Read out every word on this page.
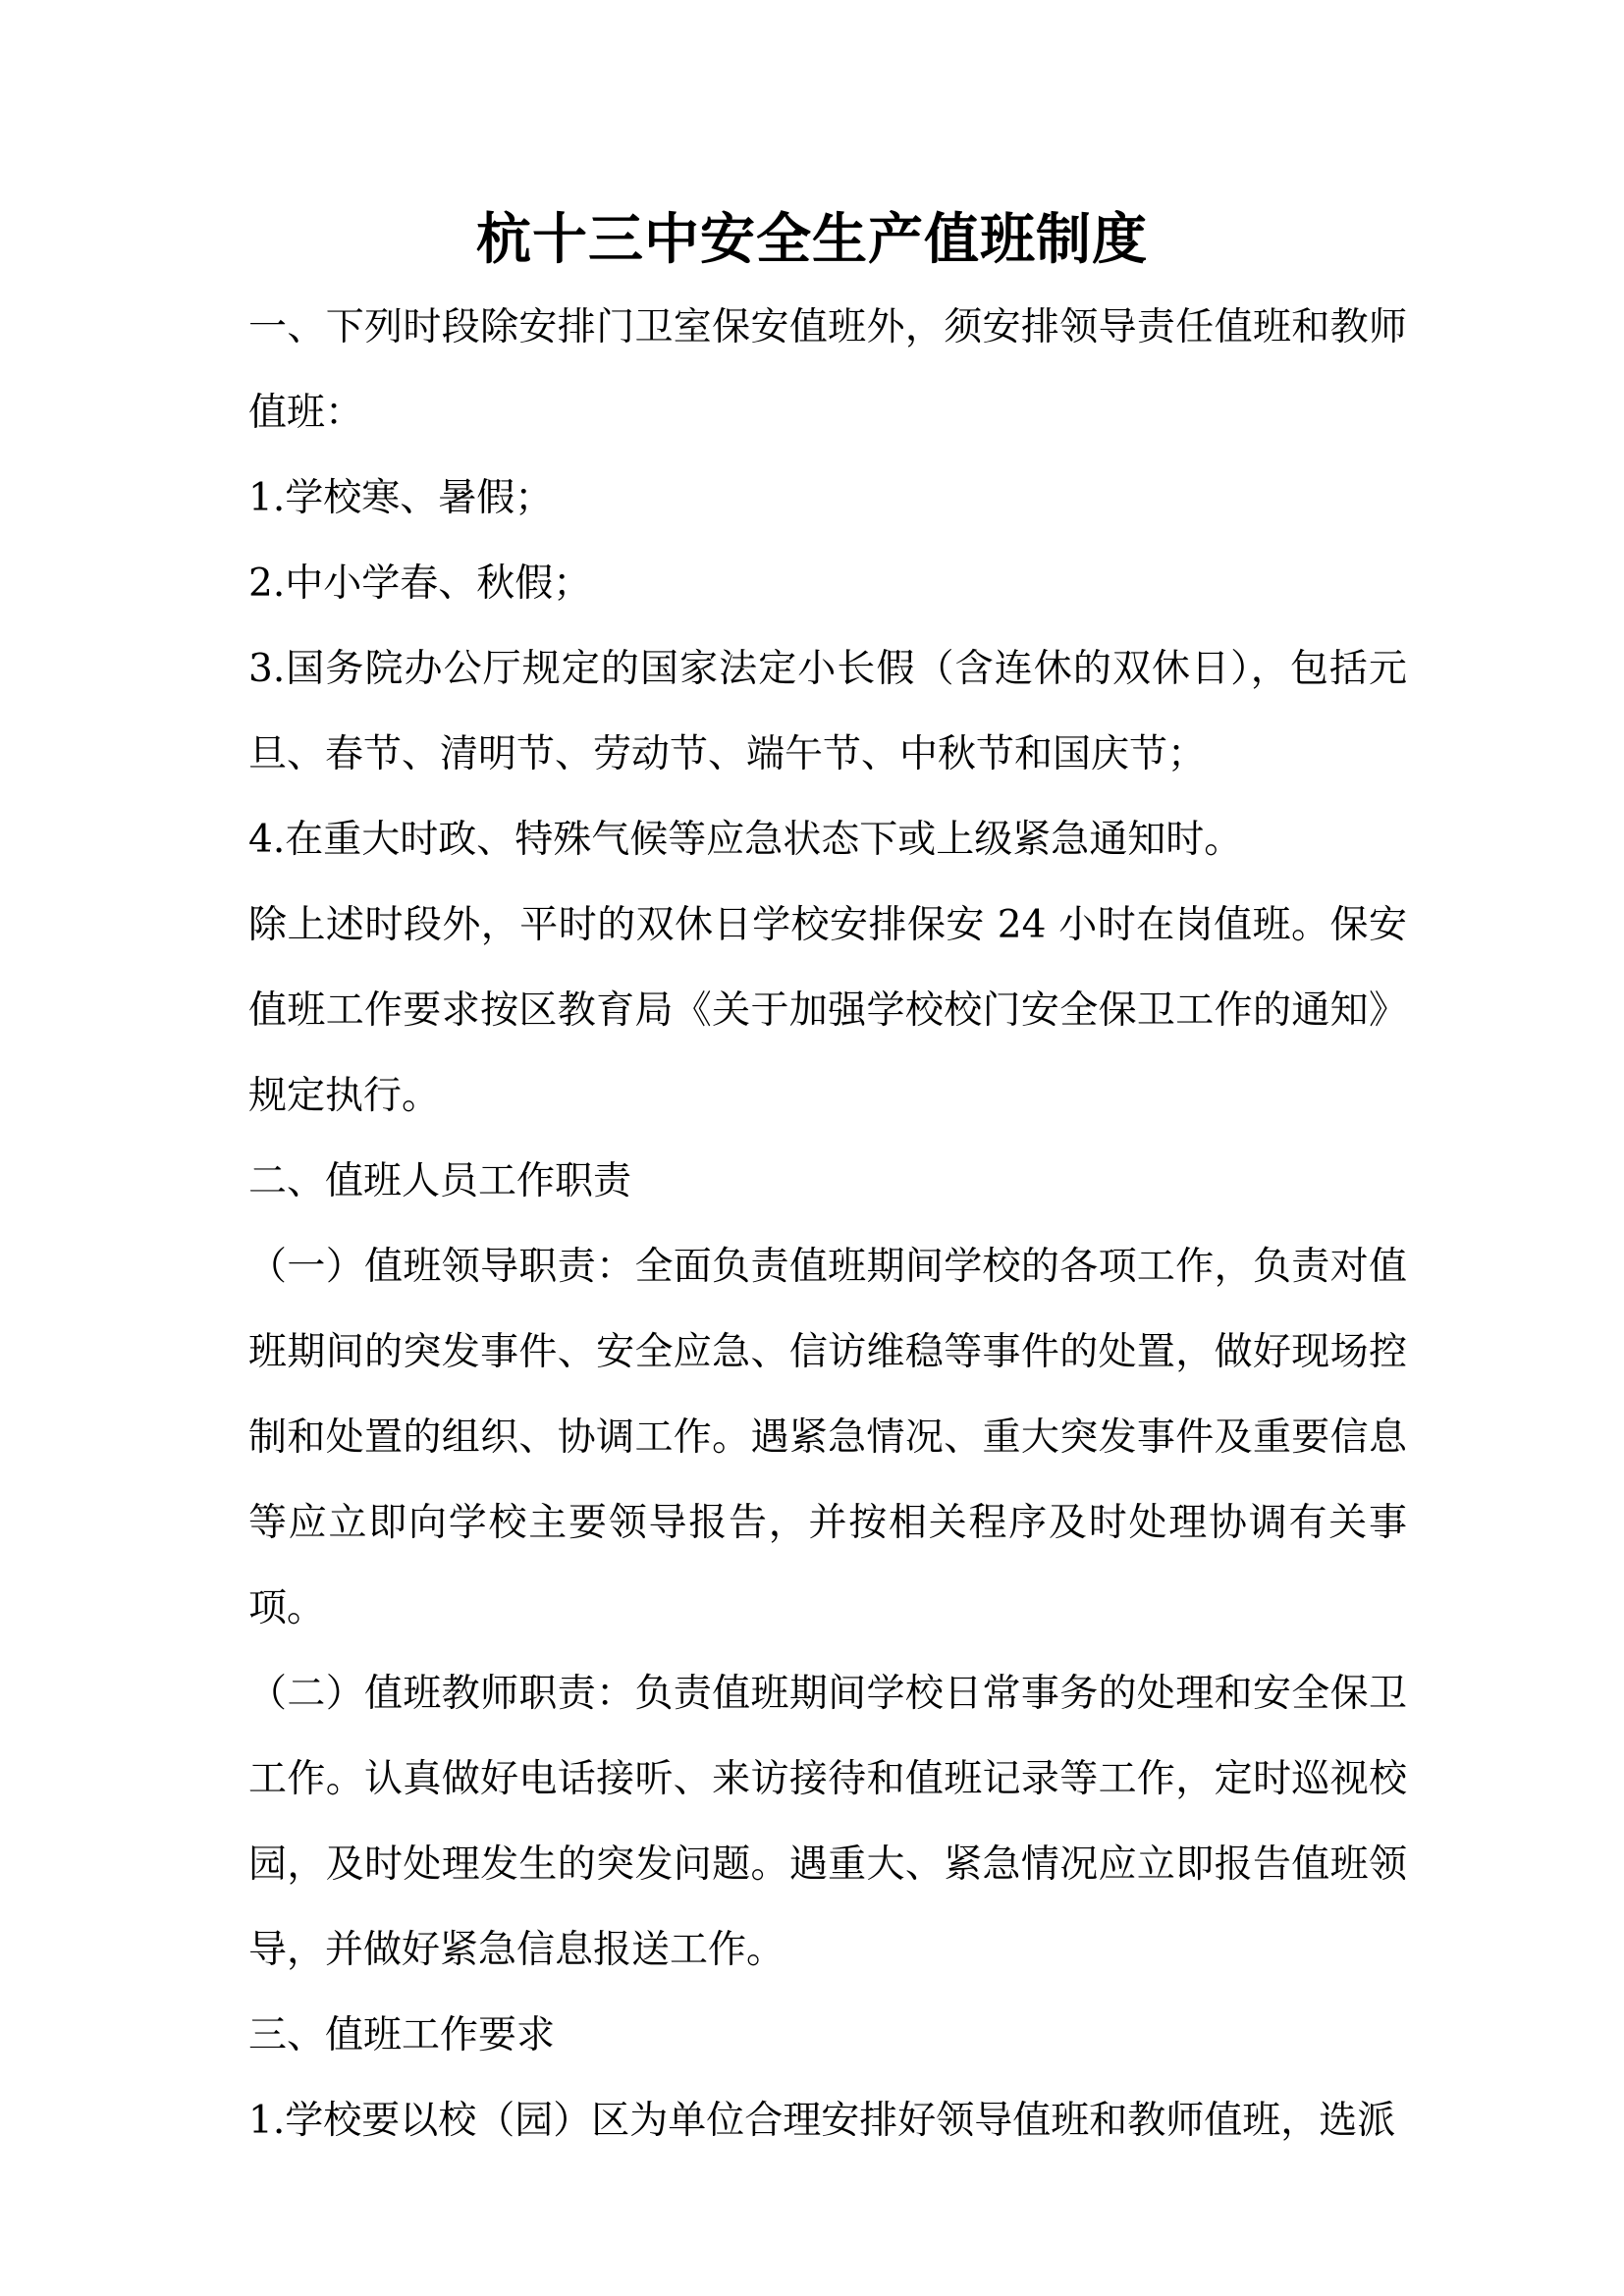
杭十三中安全生产值班制度

一、下列时段除安排门卫室保安值班外，须安排领导责任值班和教师值班：

1.学校寒、暑假；

2.中小学春、秋假；

3.国务院办公厅规定的国家法定小长假（含连休的双休日），包括元旦、春节、清明节、劳动节、端午节、中秋节和国庆节；

4.在重大时政、特殊气候等应急状态下或上级紧急通知时。

除上述时段外，平时的双休日学校安排保安 24 小时在岗值班。保安值班工作要求按区教育局《关于加强学校校门安全保卫工作的通知》规定执行。

二、值班人员工作职责

（一）值班领导职责：全面负责值班期间学校的各项工作，负责对值班期间的突发事件、安全应急、信访维稳等事件的处置，做好现场控制和处置的组织、协调工作。遇紧急情况、重大突发事件及重要信息等应立即向学校主要领导报告，并按相关程序及时处理协调有关事项。

（二）值班教师职责：负责值班期间学校日常事务的处理和安全保卫工作。认真做好电话接听、来访接待和值班记录等工作，定时巡视校园，及时处理发生的突发问题。遇重大、紧急情况应立即报告值班领导，并做好紧急信息报送工作。

三、值班工作要求

1.学校要以校（园）区为单位合理安排好领导值班和教师值班，选派
